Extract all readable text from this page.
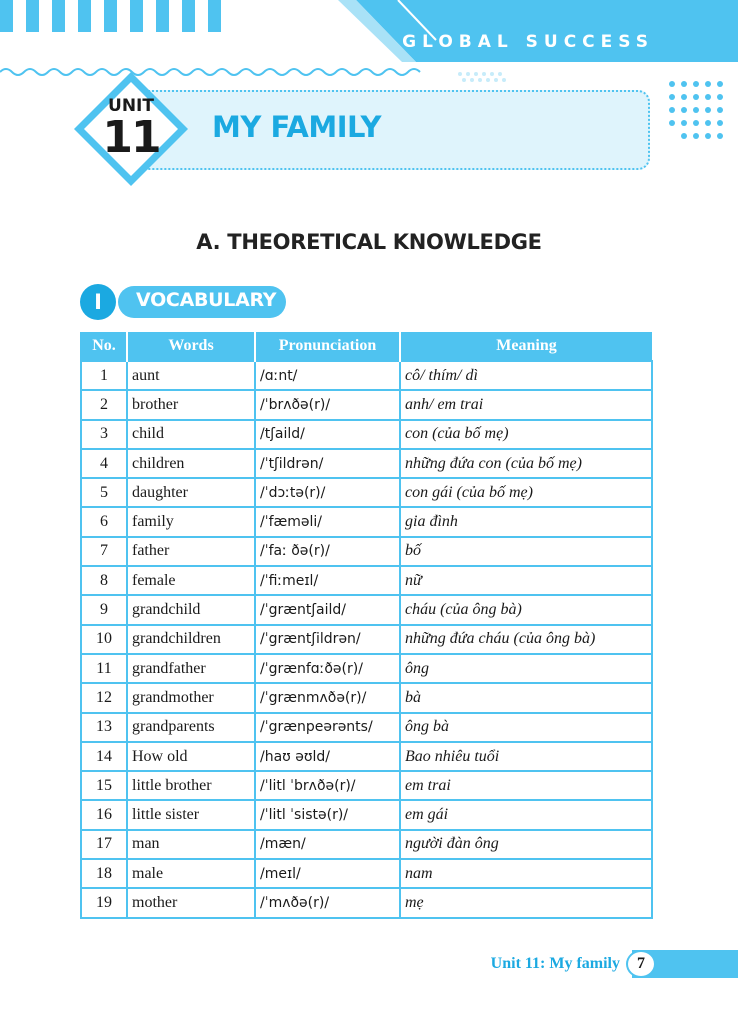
GLOBAL SUCCESS
UNIT
11	MY FAMILY
A. THEORETICAL KNOWLEDGE
VOCABULARY
I
No.	Words	Pronunciation	Meaning
1	aunt	/ɑːnt/	cô/ thím/ dì
2	brother	/ˈbrʌðə(r)/	anh/ em trai
3	child	/tʃaild/	con (của bố mẹ)
4	children	/ˈtʃildrən/	những đứa con (của bố mẹ)
5	daughter	/ˈdɔːtə(r)/	con gái (của bố mẹ)
6	family	/ˈfæməli/	gia đình
7	father	/ˈfaː ðə(r)/	bố
8	female	/ˈfiːmeɪl/	nữ
9	grandchild	/ˈgræntʃaild/	cháu (của ông bà)
10	grandchildren	/ˈgræntʃildrən/	những đứa cháu (của ông bà)
11	grandfather	/ˈgrænfɑːðə(r)/	ông
12	grandmother	/ˈgrænmʌðə(r)/	bà
13	grandparents	/ˈgrænpeərənts/	ông bà
14	How old	/haʊ əʊld/	Bao nhiêu tuổi
15	little brother	/ˈlitl ˈbrʌðə(r)/	em trai
16	little sister	/ˈlitl ˈsistə(r)/	em gái
17	man	/mæn/	người đàn ông
18	male	/meɪl/	nam
19	mother	/ˈmʌðə(r)/	mẹ
Unit 11: My family	7
